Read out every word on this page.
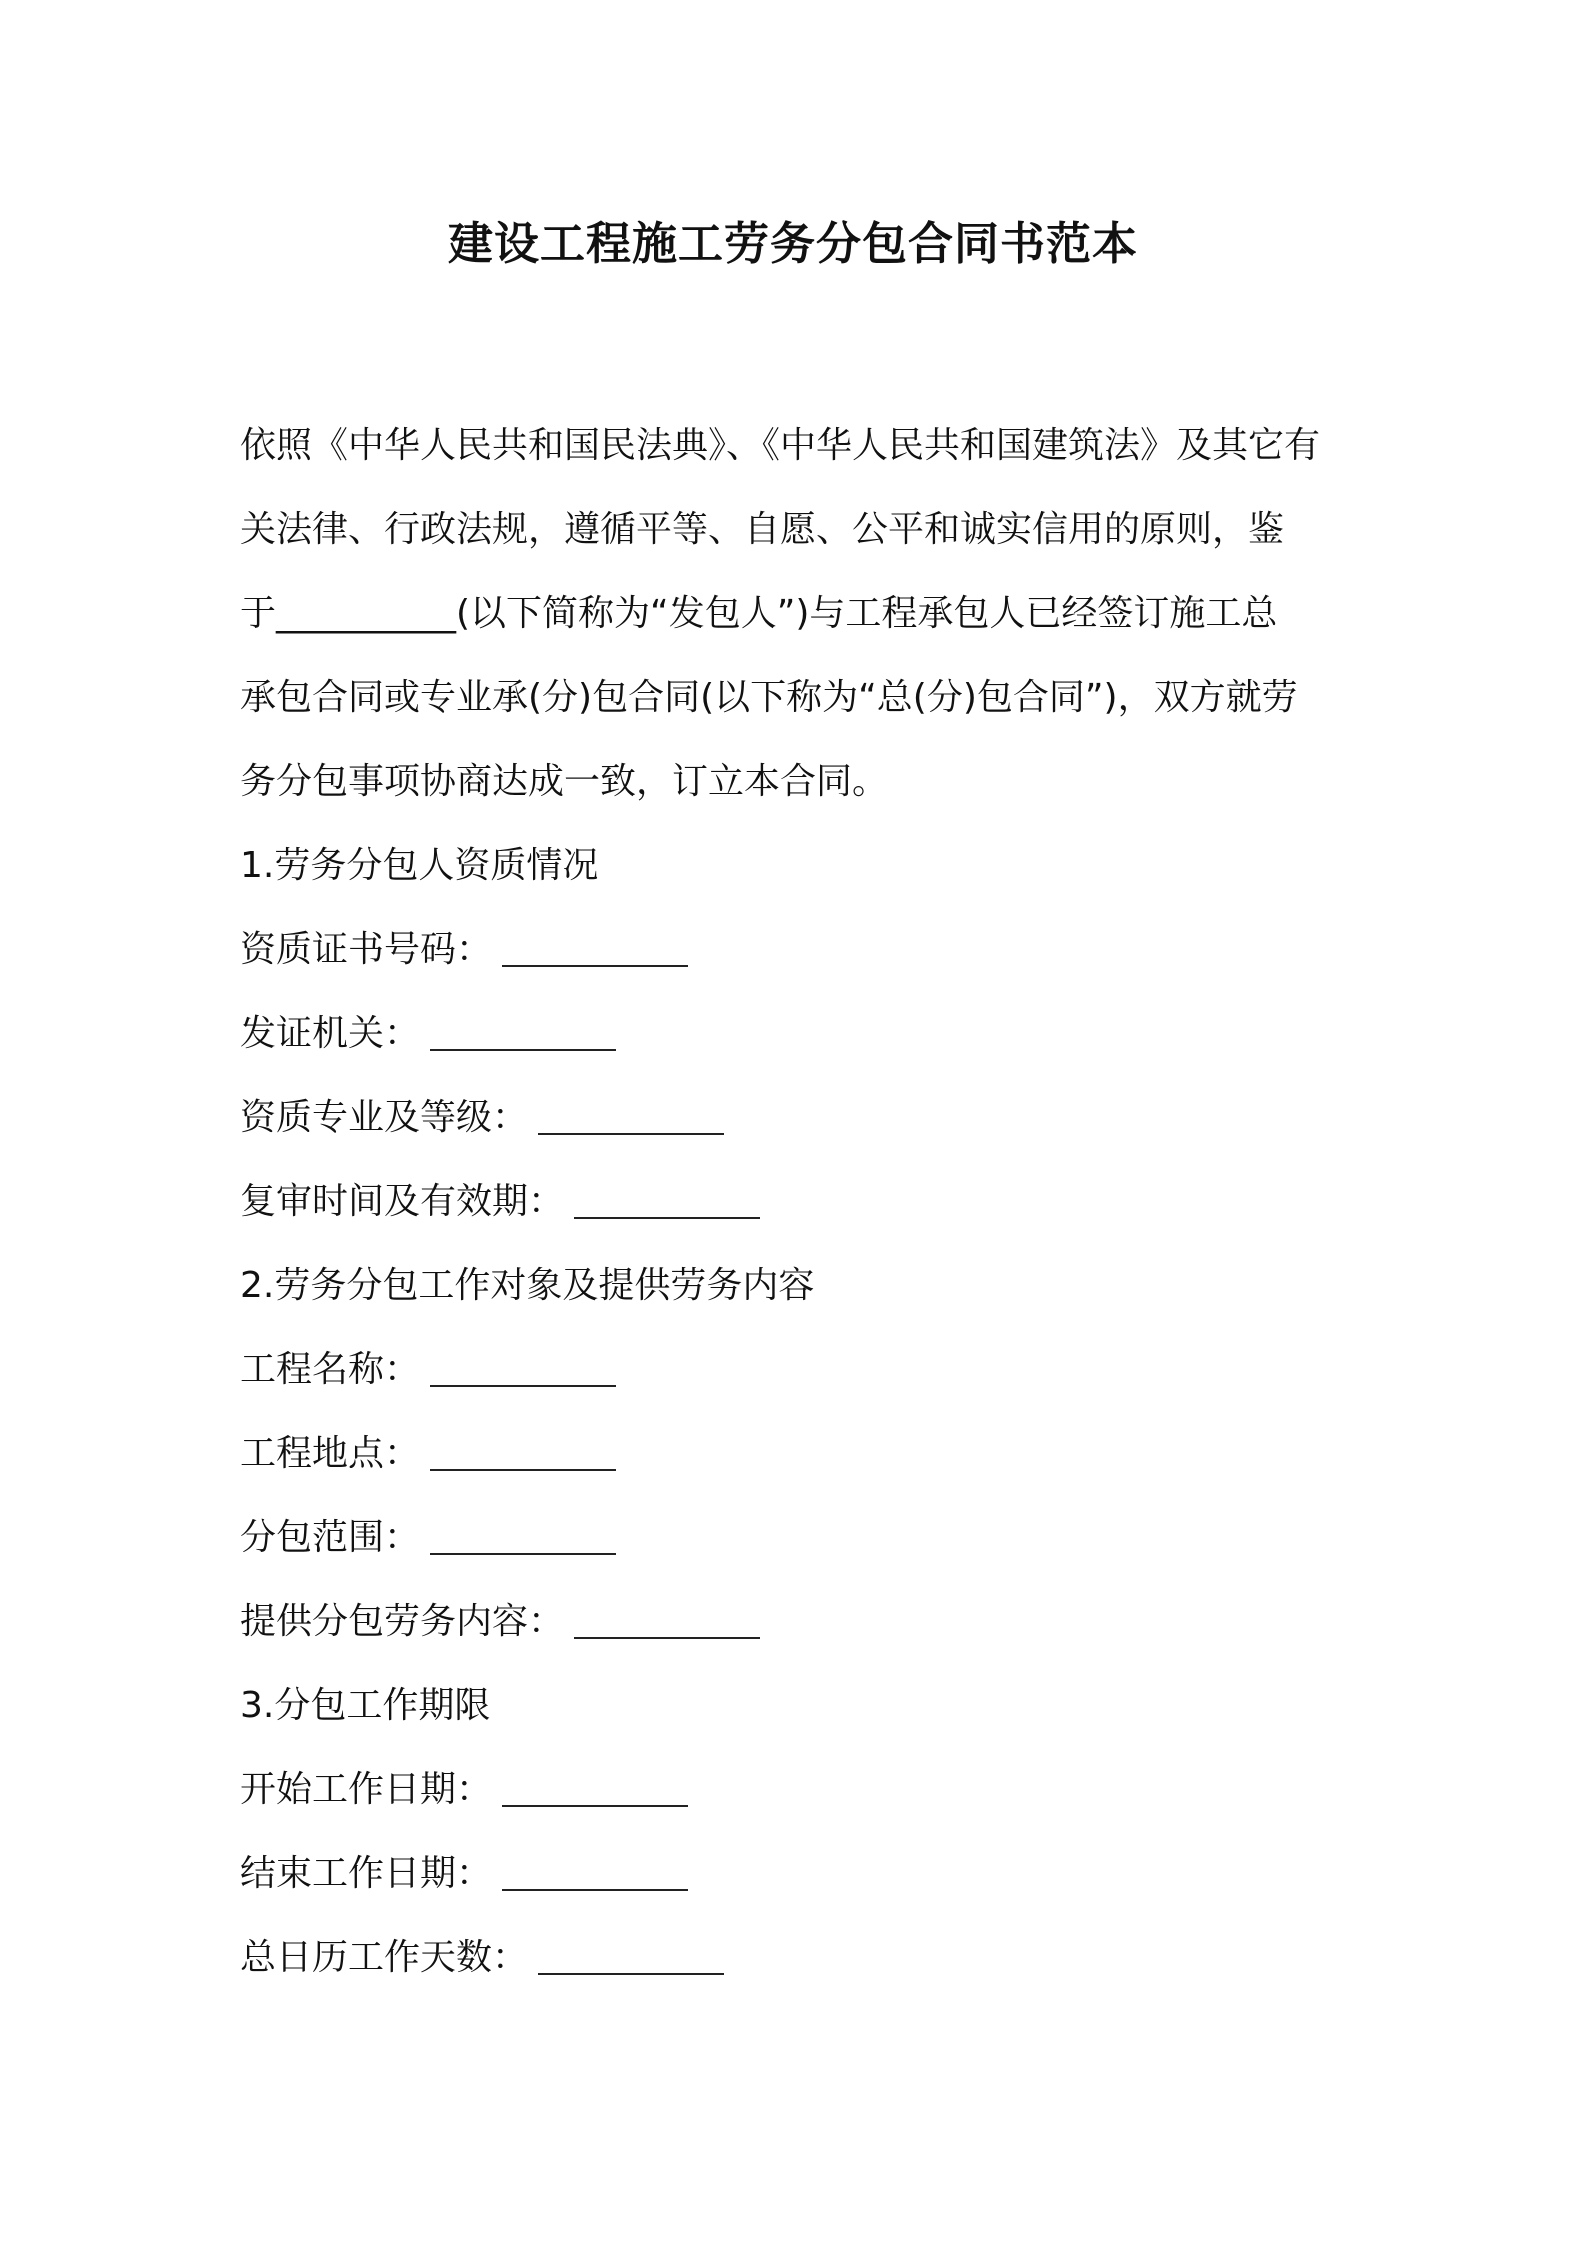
建设工程施工劳务分包合同书范本

依照《中华人民共和国民法典》、《中华人民共和国建筑法》及其它有
关法律、行政法规，遵循平等、自愿、公平和诚实信用的原则，鉴
于__________(以下简称为“发包人”)与工程承包人已经签订施工总
承包合同或专业承(分)包合同(以下称为“总(分)包合同”)，双方就劳
务分包事项协商达成一致，订立本合同。

1.劳务分包人资质情况
资质证书号码：
发证机关：
资质专业及等级：
复审时间及有效期：
2.劳务分包工作对象及提供劳务内容
工程名称：
工程地点：
分包范围：
提供分包劳务内容：
3.分包工作期限
开始工作日期：
结束工作日期：
总日历工作天数：
